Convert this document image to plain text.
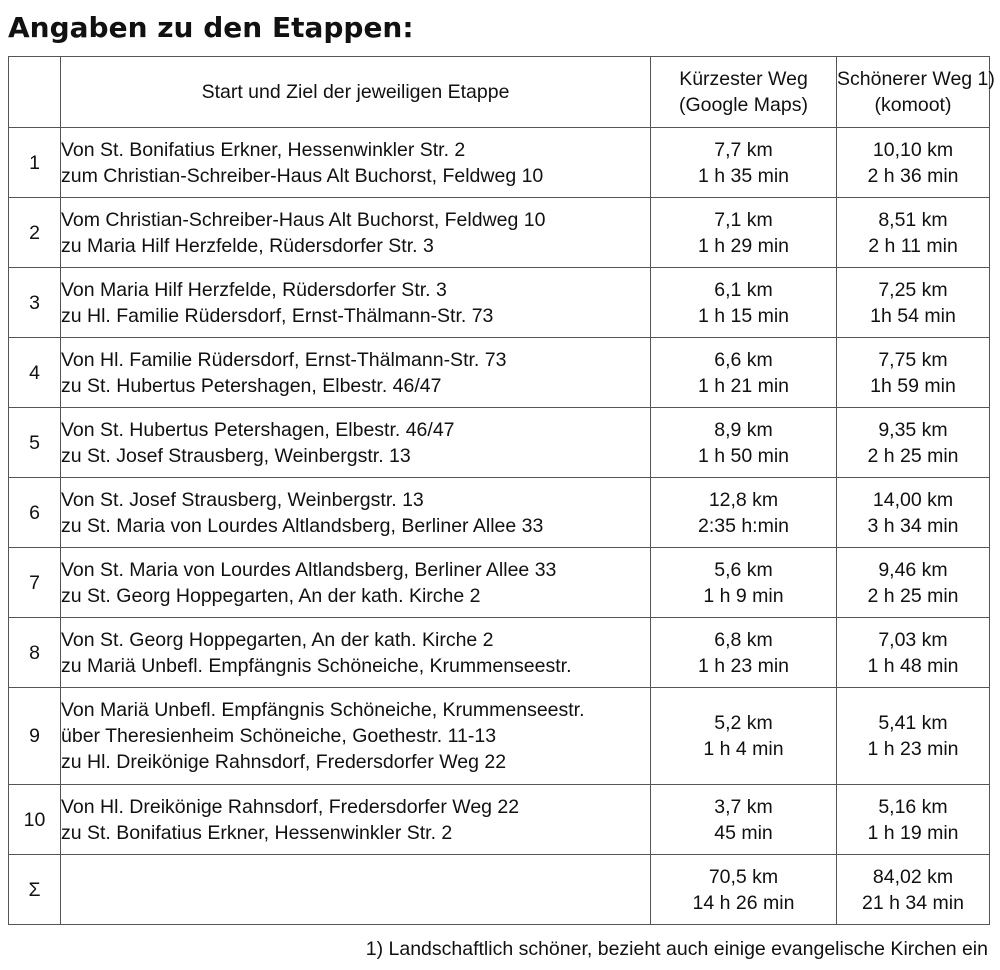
Angaben zu den Etappen:
	Start und Ziel der jeweiligen Etappe	Kürzester Weg
(Google Maps)	Schönerer Weg 1)
(komoot)

1	Von St. Bonifatius Erkner, Hessenwinkler Str. 2
zum Christian-Schreiber-Haus Alt Buchorst, Feldweg 10	7,7 km
1 h 35 min	10,10 km
2 h 36 min

2	Vom Christian-Schreiber-Haus Alt Buchorst, Feldweg 10
zu Maria Hilf Herzfelde, Rüdersdorfer Str. 3	7,1 km
1 h 29 min	8,51 km
2 h 11 min

3	Von Maria Hilf Herzfelde, Rüdersdorfer Str. 3
zu Hl. Familie Rüdersdorf, Ernst-Thälmann-Str. 73	6,1 km
1 h 15 min	7,25 km
1h 54 min

4	Von Hl. Familie Rüdersdorf, Ernst-Thälmann-Str. 73
zu St. Hubertus Petershagen, Elbestr. 46/47	6,6 km
1 h 21 min	7,75 km
1h 59 min

5	Von St. Hubertus Petershagen, Elbestr. 46/47
zu St. Josef Strausberg, Weinbergstr. 13	8,9 km
1 h 50 min	9,35 km
2 h 25 min

6	Von St. Josef Strausberg, Weinbergstr. 13
zu St. Maria von Lourdes Altlandsberg, Berliner Allee 33	12,8 km
2:35 h:min	14,00 km
3 h 34 min

7	Von St. Maria von Lourdes Altlandsberg, Berliner Allee 33
zu St. Georg Hoppegarten, An der kath. Kirche 2	5,6 km
1 h 9 min	9,46 km
2 h 25 min

8	Von St. Georg Hoppegarten, An der kath. Kirche 2
zu Mariä Unbefl. Empfängnis Schöneiche, Krummenseestr.	6,8 km
1 h 23 min	7,03 km
1 h 48 min

9	Von Mariä Unbefl. Empfängnis Schöneiche, Krummenseestr.
über Theresienheim Schöneiche, Goethestr. 11-13
zu Hl. Dreikönige Rahnsdorf, Fredersdorfer Weg 22	5,2 km
1 h 4 min	5,41 km
1 h 23 min

10	Von Hl. Dreikönige Rahnsdorf, Fredersdorfer Weg 22
zu St. Bonifatius Erkner, Hessenwinkler Str. 2	3,7 km
45 min	5,16 km
1 h 19 min

Σ		70,5 km
14 h 26 min	84,02 km
21 h 34 min
1) Landschaftlich schöner, bezieht auch einige evangelische Kirchen ein
